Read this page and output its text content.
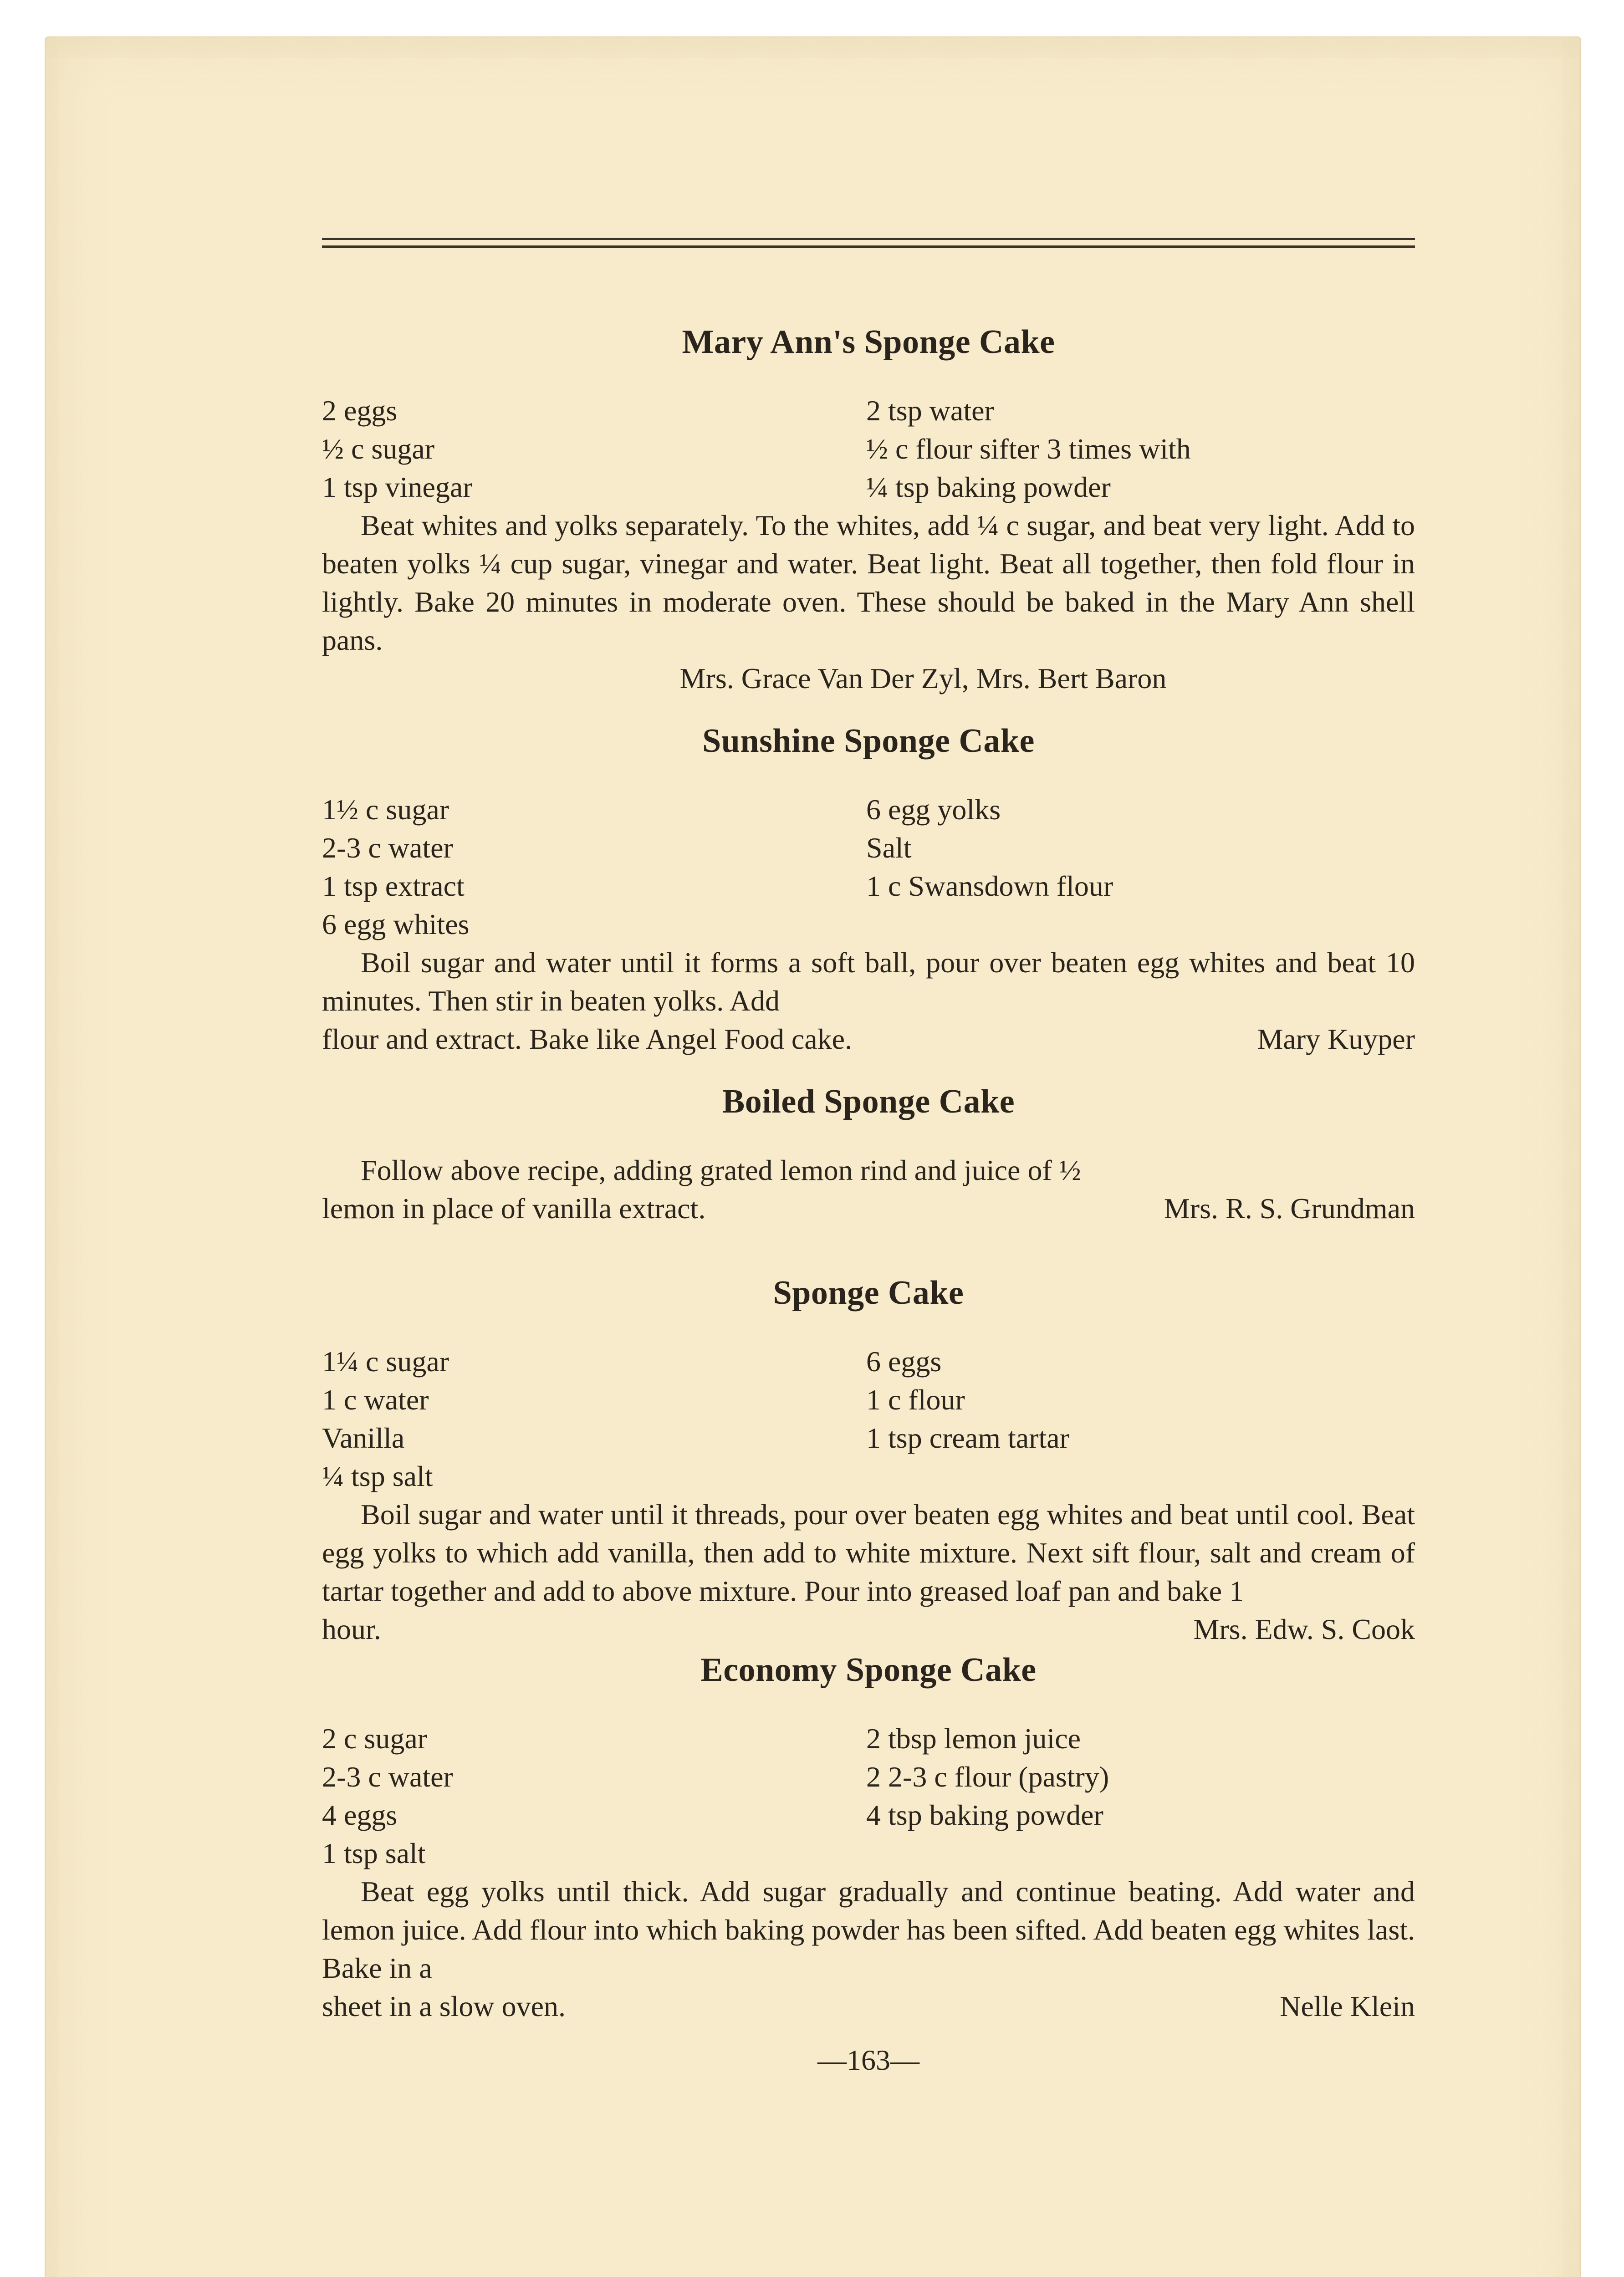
Mary Ann's Sponge Cake
2 eggs	2 tsp water
½ c sugar	½ c flour sifter 3 times with
1 tsp vinegar	¼ tsp baking powder

Beat whites and yolks separately. To the whites, add ¼ c sugar, and beat very light. Add to beaten yolks ¼ cup sugar, vinegar and water. Beat light. Beat all together, then fold flour in lightly. Bake 20 minutes in moderate oven. These should be baked in the Mary Ann shell pans.

Mrs. Grace Van Der Zyl, Mrs. Bert Baron
Sunshine Sponge Cake
1½ c sugar	6 egg yolks
2-3 c water	Salt
1 tsp extract	1 c Swansdown flour
6 egg whites

Boil sugar and water until it forms a soft ball, pour over beaten egg whites and beat 10 minutes. Then stir in beaten yolks. Add

flour and extract. Bake like Angel Food cake.	Mary Kuyper
Boiled Sponge Cake

Follow above recipe, adding grated lemon rind and juice of ½

lemon in place of vanilla extract.	Mrs. R. S. Grundman
Sponge Cake
1¼ c sugar	6 eggs
1 c water	1 c flour
Vanilla	1 tsp cream tartar
¼ tsp salt

Boil sugar and water until it threads, pour over beaten egg whites and beat until cool. Beat egg yolks to which add vanilla, then add to white mixture. Next sift flour, salt and cream of tartar together and add to above mixture. Pour into greased loaf pan and bake 1

hour.	Mrs. Edw. S. Cook
Economy Sponge Cake
2 c sugar	2 tbsp lemon juice
2-3 c water	2 2-3 c flour (pastry)
4 eggs	4 tsp baking powder
1 tsp salt

Beat egg yolks until thick. Add sugar gradually and continue beating. Add water and lemon juice. Add flour into which baking powder has been sifted. Add beaten egg whites last. Bake in a

sheet in a slow oven.	Nelle Klein
—163—
